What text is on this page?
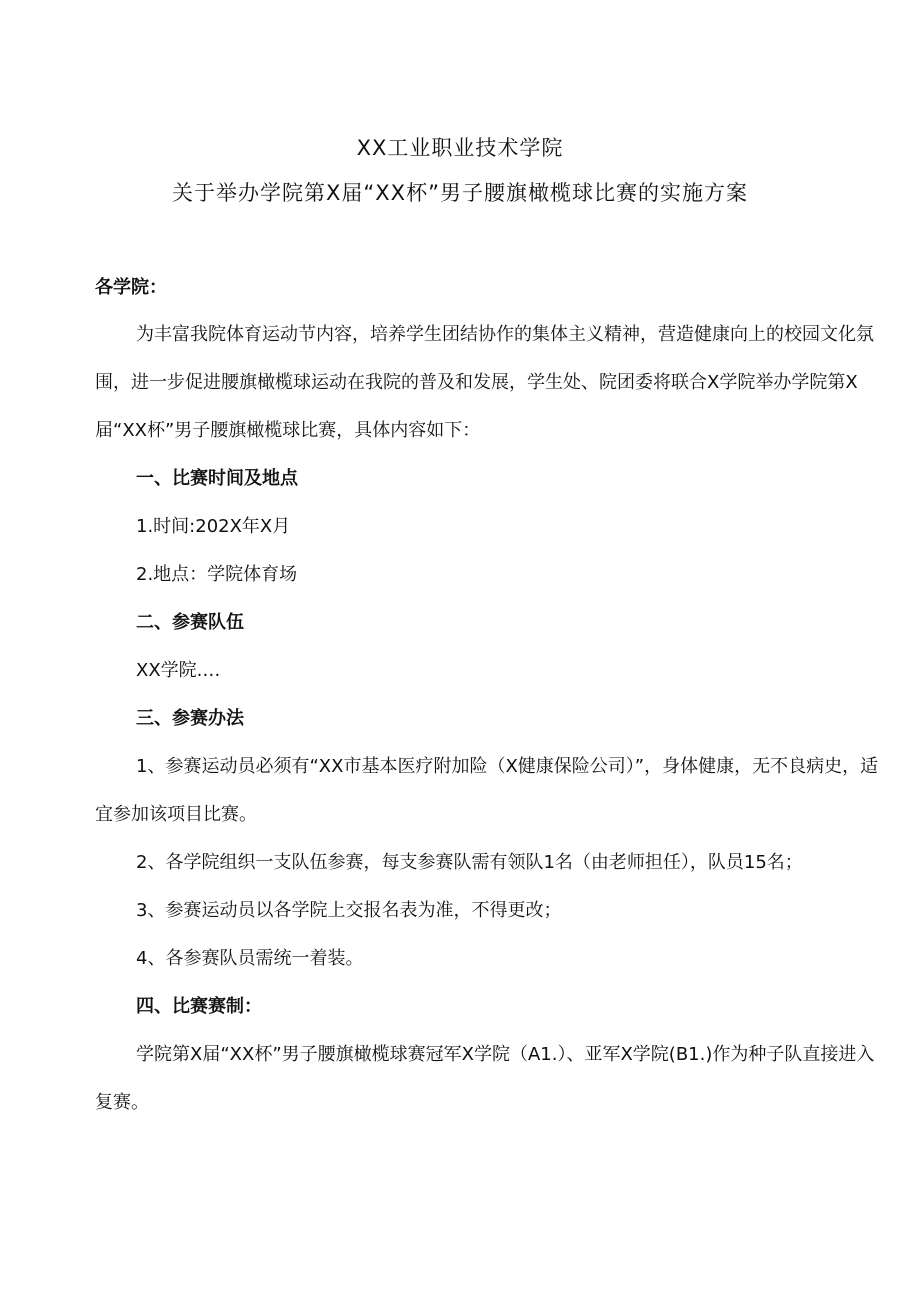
XX工业职业技术学院
关于举办学院第X届“XX杯”男子腰旗橄榄球比赛的实施方案
各学院：

为丰富我院体育运动节内容，培养学生团结协作的集体主义精神，营造健康向上的校园文化氛围，进一步促进腰旗橄榄球运动在我院的普及和发展，学生处、院团委将联合X学院举办学院第X届“XX杯”男子腰旗橄榄球比赛，具体内容如下：

一、比赛时间及地点

1.时间:202X年X月

2.地点：学院体育场

二、参赛队伍

XX学院.…

三、参赛办法

1、参赛运动员必须有“XX市基本医疗附加险（X健康保险公司）”，身体健康，无不良病史，适宜参加该项目比赛。

2、各学院组织一支队伍参赛，每支参赛队需有领队1名（由老师担任），队员15名；

3、参赛运动员以各学院上交报名表为准，不得更改；

4、各参赛队员需统一着装。

四、比赛赛制：

学院第X届“XX杯”男子腰旗橄榄球赛冠军X学院（A1.）、亚军X学院(B1.)作为种子队直接进入复赛。
